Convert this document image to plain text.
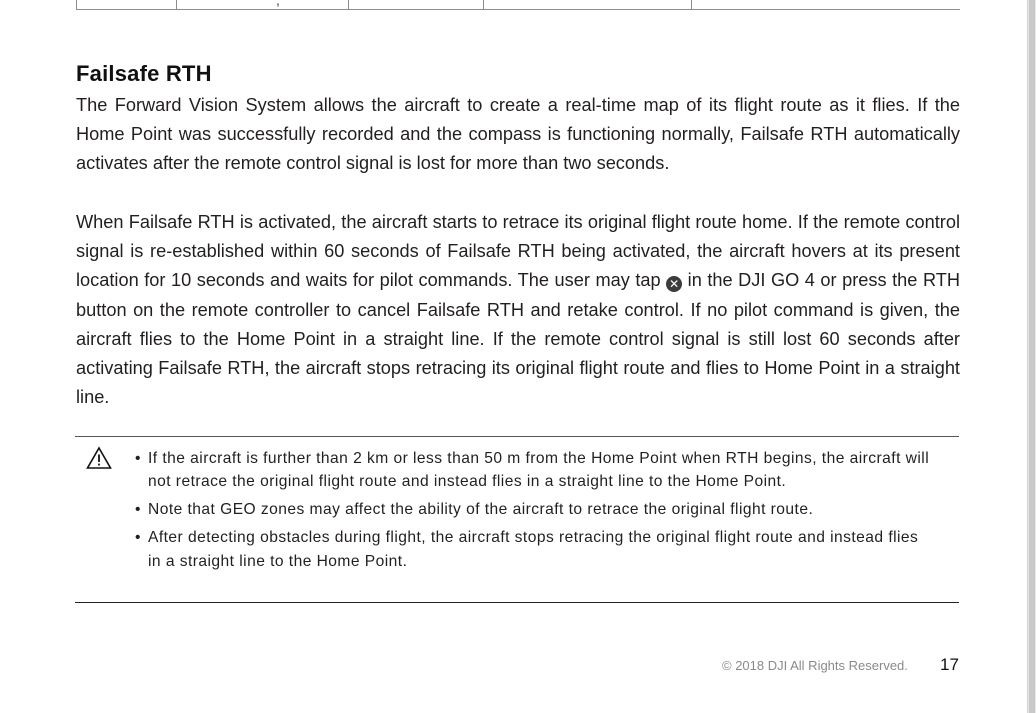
,
Failsafe RTH

The Forward Vision System allows the aircraft to create a real-time map of its flight route as it flies. If the Home Point was successfully recorded and the compass is functioning normally, Failsafe RTH automatically activates after the remote control signal is lost for more than two seconds.

When Failsafe RTH is activated, the aircraft starts to retrace its original flight route home. If the remote control signal is re-established within 60 seconds of Failsafe RTH being activated, the aircraft hovers at its present location for 10 seconds and waits for pilot commands. The user may tap ✕ in the DJI GO 4 or press the RTH button on the remote controller to cancel Failsafe RTH and retake control. If no pilot command is given, the aircraft flies to the Home Point in a straight line. If the remote control signal is still lost 60 seconds after activating Failsafe RTH, the aircraft stops retracing its original flight route and flies to Home Point in a straight line.

• If the aircraft is further than 2 km or less than 50 m from the Home Point when RTH begins, the aircraft will not retrace the original flight route and instead flies in a straight line to the Home Point.
• Note that GEO zones may affect the ability of the aircraft to retrace the original flight route.
• After detecting obstacles during flight, the aircraft stops retracing the original flight route and instead flies in a straight line to the Home Point.
© 2018 DJI All Rights Reserved. 17
